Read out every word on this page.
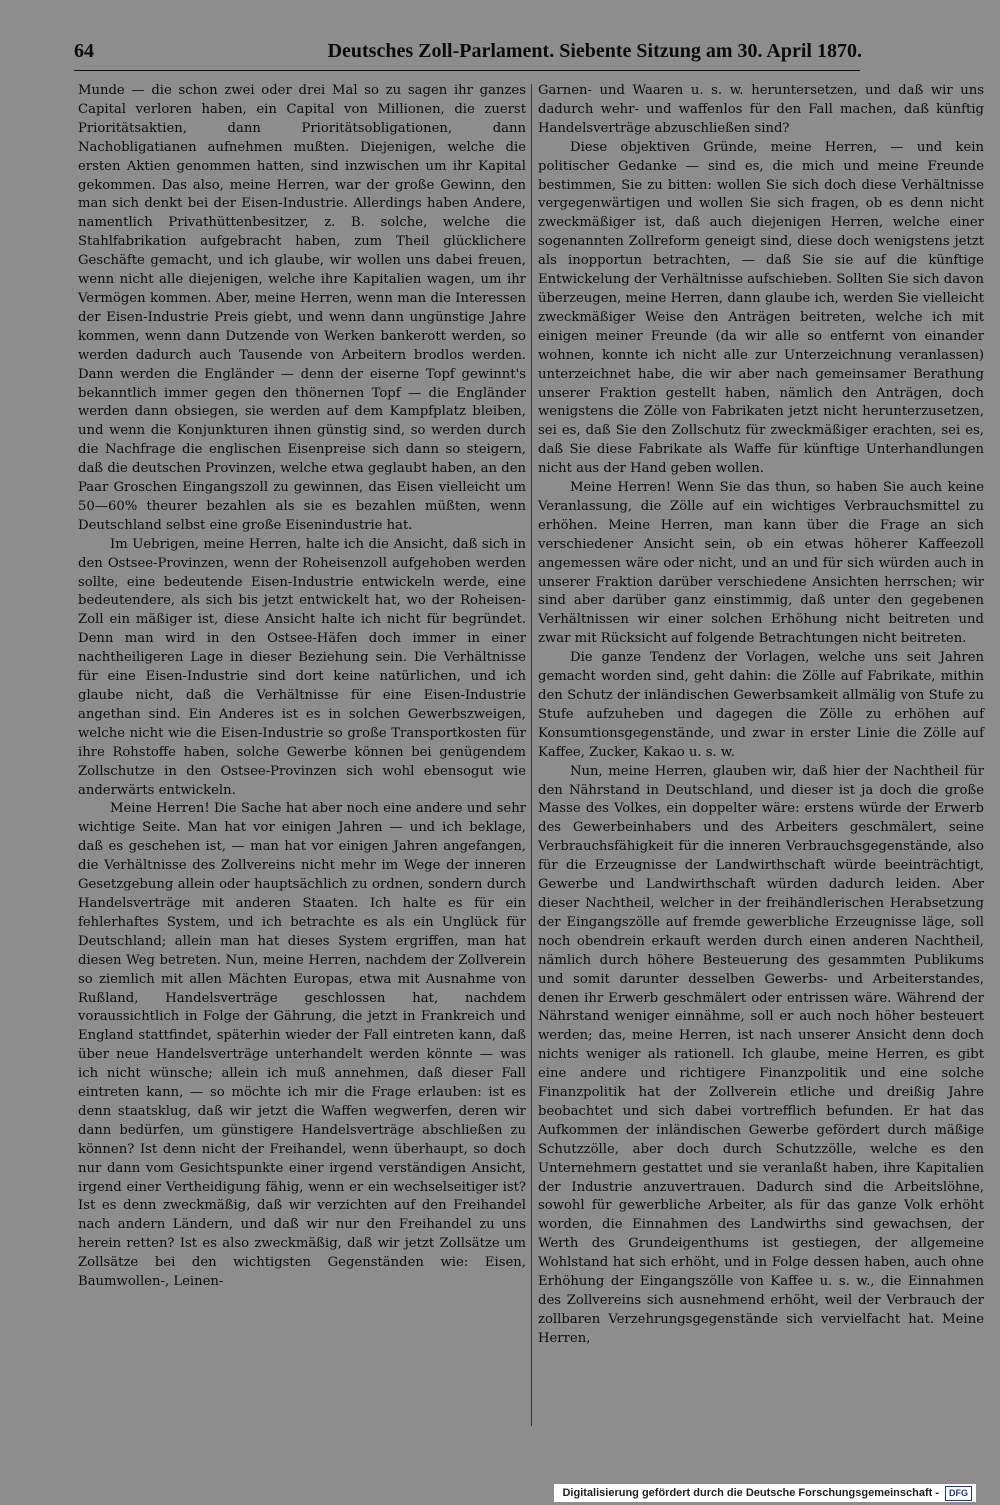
64	Deutsches Zoll-Parlament. Siebente Sitzung am 30. April 1870.

Munde — die schon zwei oder drei Mal so zu sagen ihr ganzes Capital verloren haben, ein Capital von Millionen, die zuerst Prioritätsaktien, dann Prioritätsobligationen, dann Nachobligatianen aufnehmen mußten. Diejenigen, welche die ersten Aktien genommen hatten, sind inzwischen um ihr Kapital gekommen. Das also, meine Herren, war der große Gewinn, den man sich denkt bei der Eisen-Industrie. Allerdings haben Andere, namentlich Privathüttenbesitzer, z. B. solche, welche die Stahlfabrikation aufgebracht haben, zum Theil glücklichere Geschäfte gemacht, und ich glaube, wir wollen uns dabei freuen, wenn nicht alle diejenigen, welche ihre Kapitalien wagen, um ihr Vermögen kommen. Aber, meine Herren, wenn man die Interessen der Eisen-Industrie Preis giebt, und wenn dann ungünstige Jahre kommen, wenn dann Dutzende von Werken bankerott werden, so werden dadurch auch Tausende von Arbeitern brodlos werden. Dann werden die Engländer — denn der eiserne Topf gewinnt's bekanntlich immer gegen den thönernen Topf — die Engländer werden dann obsiegen, sie werden auf dem Kampfplatz bleiben, und wenn die Konjunkturen ihnen günstig sind, so werden durch die Nachfrage die englischen Eisenpreise sich dann so steigern, daß die deutschen Provinzen, welche etwa geglaubt haben, an den Paar Groschen Eingangszoll zu gewinnen, das Eisen vielleicht um 50—60% theurer bezahlen als sie es bezahlen müßten, wenn Deutschland selbst eine große Eisenindustrie hat.

Im Uebrigen, meine Herren, halte ich die Ansicht, daß sich in den Ostsee-Provinzen, wenn der Roheisenzoll aufgehoben werden sollte, eine bedeutende Eisen-Industrie entwickeln werde, eine bedeutendere, als sich bis jetzt entwickelt hat, wo der Roheisen-Zoll ein mäßiger ist, diese Ansicht halte ich nicht für begründet. Denn man wird in den Ostsee-Häfen doch immer in einer nachtheiligeren Lage in dieser Beziehung sein. Die Verhältnisse für eine Eisen-Industrie sind dort keine natürlichen, und ich glaube nicht, daß die Verhältnisse für eine Eisen-Industrie angethan sind. Ein Anderes ist es in solchen Gewerbszweigen, welche nicht wie die Eisen-Industrie so große Transportkosten für ihre Rohstoffe haben, solche Gewerbe können bei genügendem Zollschutze in den Ostsee-Provinzen sich wohl ebensogut wie anderwärts entwickeln.

Meine Herren! Die Sache hat aber noch eine andere und sehr wichtige Seite. Man hat vor einigen Jahren — und ich beklage, daß es geschehen ist, — man hat vor einigen Jahren angefangen, die Verhältnisse des Zollvereins nicht mehr im Wege der inneren Gesetzgebung allein oder hauptsächlich zu ordnen, sondern durch Handelsverträge mit anderen Staaten. Ich halte es für ein fehlerhaftes System, und ich betrachte es als ein Unglück für Deutschland; allein man hat dieses System ergriffen, man hat diesen Weg betreten. Nun, meine Herren, nachdem der Zollverein so ziemlich mit allen Mächten Europas, etwa mit Ausnahme von Rußland, Handelsverträge geschlossen hat, nachdem voraussichtlich in Folge der Gährung, die jetzt in Frankreich und England stattfindet, späterhin wieder der Fall eintreten kann, daß über neue Handelsverträge unterhandelt werden könnte — was ich nicht wünsche; allein ich muß annehmen, daß dieser Fall eintreten kann, — so möchte ich mir die Frage erlauben: ist es denn staatsklug, daß wir jetzt die Waffen wegwerfen, deren wir dann bedürfen, um günstigere Handelsverträge abschließen zu können? Ist denn nicht der Freihandel, wenn überhaupt, so doch nur dann vom Gesichtspunkte einer irgend verständigen Ansicht, irgend einer Vertheidigung fähig, wenn er ein wechselseitiger ist? Ist es denn zweckmäßig, daß wir verzichten auf den Freihandel nach andern Ländern, und daß wir nur den Freihandel zu uns herein retten? Ist es also zweckmäßig, daß wir jetzt Zollsätze um Zollsätze bei den wichtigsten Gegenständen wie: Eisen, Baumwollen-, Leinen-

Garnen- und Waaren u. s. w. heruntersetzen, und daß wir uns dadurch wehr- und waffenlos für den Fall machen, daß künftig Handelsverträge abzuschließen sind?

Diese objektiven Gründe, meine Herren, — und kein politischer Gedanke — sind es, die mich und meine Freunde bestimmen, Sie zu bitten: wollen Sie sich doch diese Verhältnisse vergegenwärtigen und wollen Sie sich fragen, ob es denn nicht zweckmäßiger ist, daß auch diejenigen Herren, welche einer sogenannten Zollreform geneigt sind, diese doch wenigstens jetzt als inopportun betrachten, — daß Sie sie auf die künftige Entwickelung der Verhältnisse aufschieben. Sollten Sie sich davon überzeugen, meine Herren, dann glaube ich, werden Sie vielleicht zweckmäßiger Weise den Anträgen beitreten, welche ich mit einigen meiner Freunde (da wir alle so entfernt von einander wohnen, konnte ich nicht alle zur Unterzeichnung veranlassen) unterzeichnet habe, die wir aber nach gemeinsamer Berathung unserer Fraktion gestellt haben, nämlich den Anträgen, doch wenigstens die Zölle von Fabrikaten jetzt nicht herunterzusetzen, sei es, daß Sie den Zollschutz für zweckmäßiger erachten, sei es, daß Sie diese Fabrikate als Waffe für künftige Unterhandlungen nicht aus der Hand geben wollen.

Meine Herren! Wenn Sie das thun, so haben Sie auch keine Veranlassung, die Zölle auf ein wichtiges Verbrauchsmittel zu erhöhen. Meine Herren, man kann über die Frage an sich verschiedener Ansicht sein, ob ein etwas höherer Kaffeezoll angemessen wäre oder nicht, und an und für sich würden auch in unserer Fraktion darüber verschiedene Ansichten herrschen; wir sind aber darüber ganz einstimmig, daß unter den gegebenen Verhältnissen wir einer solchen Erhöhung nicht beitreten und zwar mit Rücksicht auf folgende Betrachtungen nicht beitreten.

Die ganze Tendenz der Vorlagen, welche uns seit Jahren gemacht worden sind, geht dahin: die Zölle auf Fabrikate, mithin den Schutz der inländischen Gewerbsamkeit allmälig von Stufe zu Stufe aufzuheben und dagegen die Zölle zu erhöhen auf Konsumtionsgegenstände, und zwar in erster Linie die Zölle auf Kaffee, Zucker, Kakao u. s. w.

Nun, meine Herren, glauben wir, daß hier der Nachtheil für den Nährstand in Deutschland, und dieser ist ja doch die große Masse des Volkes, ein doppelter wäre: erstens würde der Erwerb des Gewerbeinhabers und des Arbeiters geschmälert, seine Verbrauchsfähigkeit für die inneren Verbrauchsgegenstände, also für die Erzeugnisse der Landwirthschaft würde beeinträchtigt, Gewerbe und Landwirthschaft würden dadurch leiden. Aber dieser Nachtheil, welcher in der freihändlerischen Herabsetzung der Eingangszölle auf fremde gewerbliche Erzeugnisse läge, soll noch obendrein erkauft werden durch einen anderen Nachtheil, nämlich durch höhere Besteuerung des gesammten Publikums und somit darunter desselben Gewerbs- und Arbeiterstandes, denen ihr Erwerb geschmälert oder entrissen wäre. Während der Nährstand weniger einnähme, soll er auch noch höher besteuert werden; das, meine Herren, ist nach unserer Ansicht denn doch nichts weniger als rationell. Ich glaube, meine Herren, es gibt eine andere und richtigere Finanzpolitik und eine solche Finanzpolitik hat der Zollverein etliche und dreißig Jahre beobachtet und sich dabei vortrefflich befunden. Er hat das Aufkommen der inländischen Gewerbe gefördert durch mäßige Schutzzölle, aber doch durch Schutzzölle, welche es den Unternehmern gestattet und sie veranlaßt haben, ihre Kapitalien der Industrie anzuvertrauen. Dadurch sind die Arbeitslöhne, sowohl für gewerbliche Arbeiter, als für das ganze Volk erhöht worden, die Einnahmen des Landwirths sind gewachsen, der Werth des Grundeigenthums ist gestiegen, der allgemeine Wohlstand hat sich erhöht, und in Folge dessen haben, auch ohne Erhöhung der Eingangszölle von Kaffee u. s. w., die Einnahmen des Zollvereins sich ausnehmend erhöht, weil der Verbrauch der zollbaren Verzehrungsgegenstände sich vervielfacht hat. Meine Herren,

Digitalisierung gefördert durch die Deutsche Forschungsgemeinschaft -	DFG
